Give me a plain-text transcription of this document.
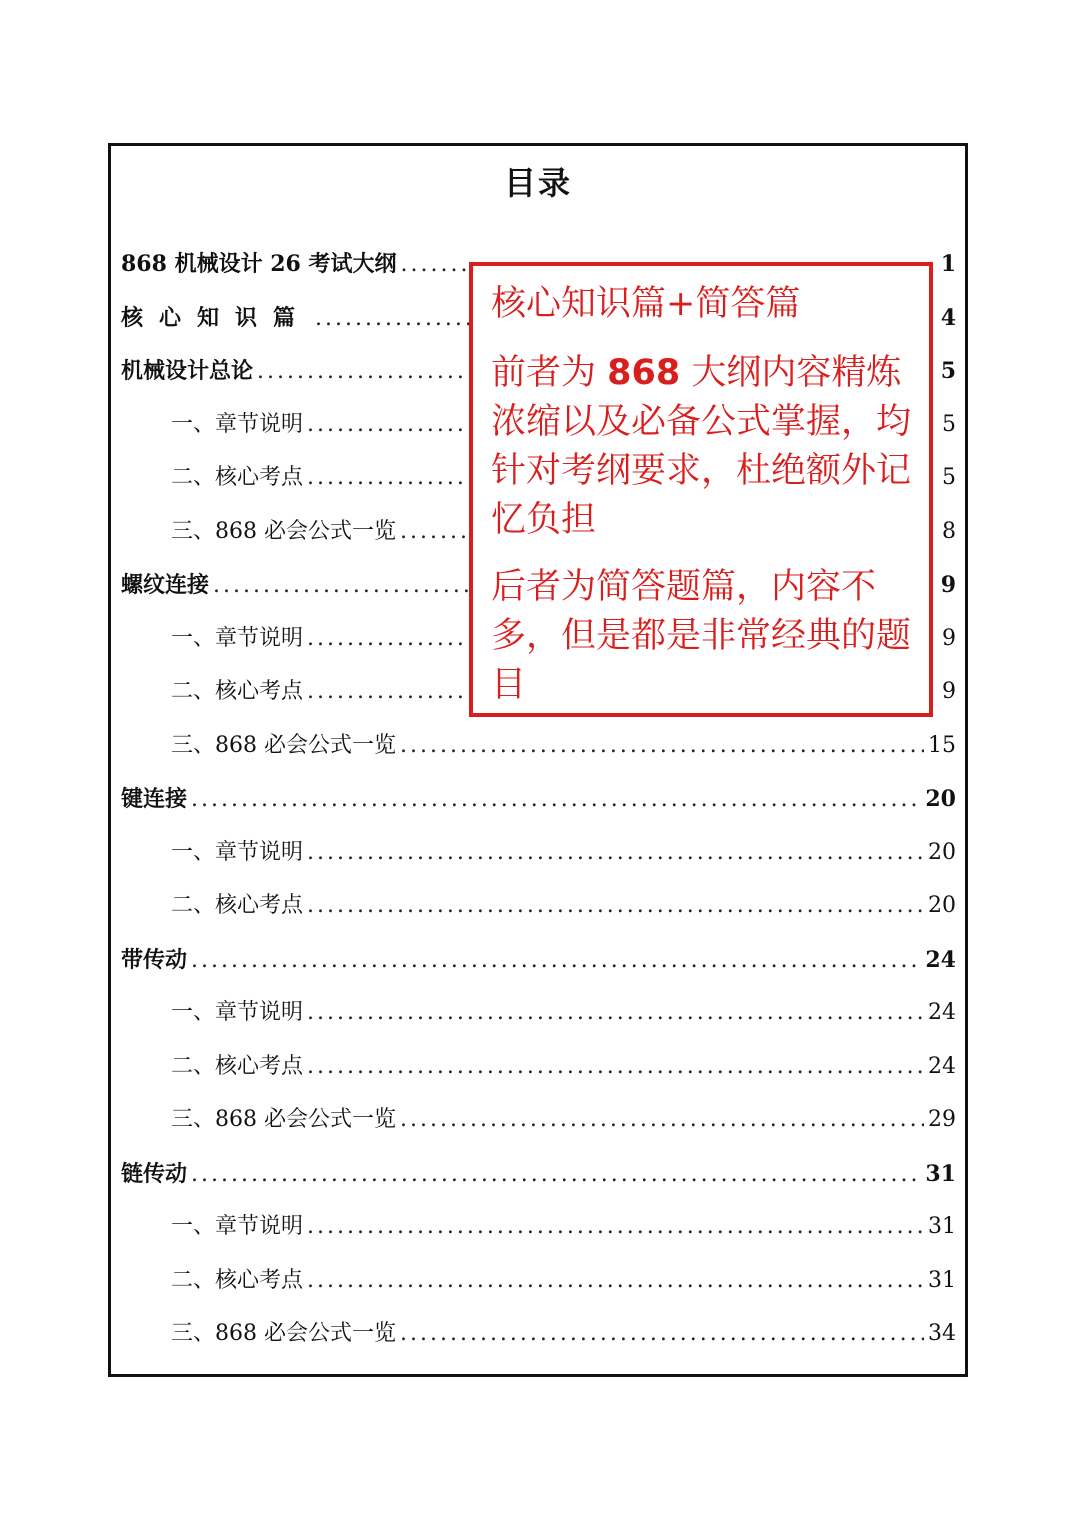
目录
868 机械设计 26 考试大纲 .....	1
核心知识篇 .....	4
机械设计总论 .....	5
一、章节说明 .....	5
二、核心考点 .....	5
三、868 必会公式一览 .....	8
螺纹连接 .....	9
一、章节说明 .....	9
二、核心考点 .....	9
三、868 必会公式一览 .....	15
键连接 .....	20
一、章节说明 .....	20
二、核心考点 .....	20
带传动 .....	24
一、章节说明 .....	24
二、核心考点 .....	24
三、868 必会公式一览 .....	29
链传动 .....	31
一、章节说明 .....	31
二、核心考点 .....	31
三、868 必会公式一览 .....	34

核心知识篇+简答篇

前者为 868 大纲内容精炼浓缩以及必备公式掌握，均针对考纲要求，杜绝额外记忆负担

后者为简答题篇，内容不多，但是都是非常经典的题目
